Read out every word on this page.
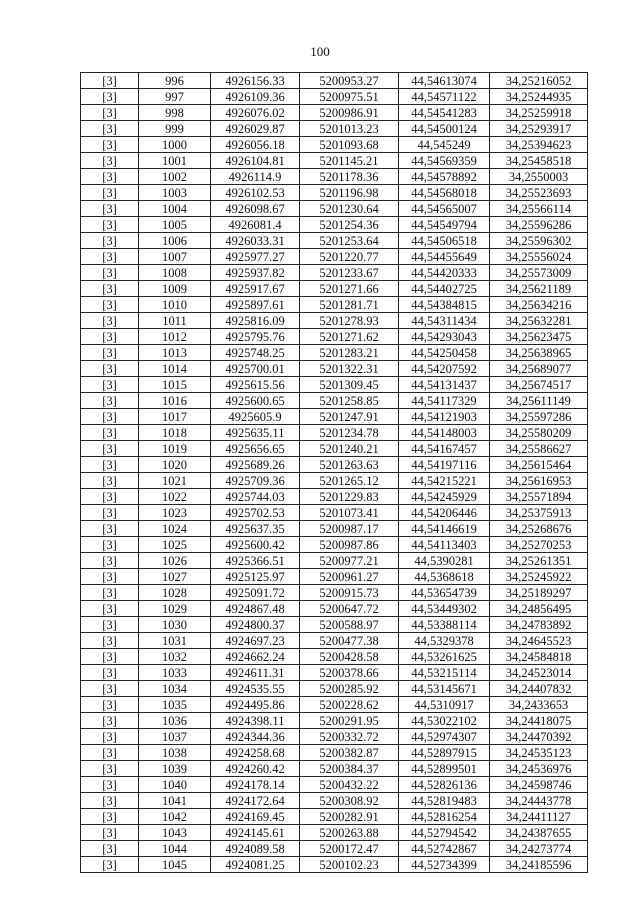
100
[3]	996	4926156.33	5200953.27	44,54613074	34,25216052
[3]	997	4926109.36	5200975.51	44,54571122	34,25244935
[3]	998	4926076.02	5200986.91	44,54541283	34,25259918
[3]	999	4926029.87	5201013.23	44,54500124	34,25293917
[3]	1000	4926056.18	5201093.68	44,545249	34,25394623
[3]	1001	4926104.81	5201145.21	44,54569359	34,25458518
[3]	1002	4926114.9	5201178.36	44,54578892	34,2550003
[3]	1003	4926102.53	5201196.98	44,54568018	34,25523693
[3]	1004	4926098.67	5201230.64	44,54565007	34,25566114
[3]	1005	4926081.4	5201254.36	44,54549794	34,25596286
[3]	1006	4926033.31	5201253.64	44,54506518	34,25596302
[3]	1007	4925977.27	5201220.77	44,54455649	34,25556024
[3]	1008	4925937.82	5201233.67	44,54420333	34,25573009
[3]	1009	4925917.67	5201271.66	44,54402725	34,25621189
[3]	1010	4925897.61	5201281.71	44,54384815	34,25634216
[3]	1011	4925816.09	5201278.93	44,54311434	34,25632281
[3]	1012	4925795.76	5201271.62	44,54293043	34,25623475
[3]	1013	4925748.25	5201283.21	44,54250458	34,25638965
[3]	1014	4925700.01	5201322.31	44,54207592	34,25689077
[3]	1015	4925615.56	5201309.45	44,54131437	34,25674517
[3]	1016	4925600.65	5201258.85	44,54117329	34,25611149
[3]	1017	4925605.9	5201247.91	44,54121903	34,25597286
[3]	1018	4925635.11	5201234.78	44,54148003	34,25580209
[3]	1019	4925656.65	5201240.21	44,54167457	34,25586627
[3]	1020	4925689.26	5201263.63	44,54197116	34,25615464
[3]	1021	4925709.36	5201265.12	44,54215221	34,25616953
[3]	1022	4925744.03	5201229.83	44,54245929	34,25571894
[3]	1023	4925702.53	5201073.41	44,54206446	34,25375913
[3]	1024	4925637.35	5200987.17	44,54146619	34,25268676
[3]	1025	4925600.42	5200987.86	44,54113403	34,25270253
[3]	1026	4925366.51	5200977.21	44,5390281	34,25261351
[3]	1027	4925125.97	5200961.27	44,5368618	34,25245922
[3]	1028	4925091.72	5200915.73	44,53654739	34,25189297
[3]	1029	4924867.48	5200647.72	44,53449302	34,24856495
[3]	1030	4924800.37	5200588.97	44,53388114	34,24783892
[3]	1031	4924697.23	5200477.38	44,5329378	34,24645523
[3]	1032	4924662.24	5200428.58	44,53261625	34,24584818
[3]	1033	4924611.31	5200378.66	44,53215114	34,24523014
[3]	1034	4924535.55	5200285.92	44,53145671	34,24407832
[3]	1035	4924495.86	5200228.62	44,5310917	34,2433653
[3]	1036	4924398.11	5200291.95	44,53022102	34,24418075
[3]	1037	4924344.36	5200332.72	44,52974307	34,24470392
[3]	1038	4924258.68	5200382.87	44,52897915	34,24535123
[3]	1039	4924260.42	5200384.37	44,52899501	34,24536976
[3]	1040	4924178.14	5200432.22	44,52826136	34,24598746
[3]	1041	4924172.64	5200308.92	44,52819483	34,24443778
[3]	1042	4924169.45	5200282.91	44,52816254	34,24411127
[3]	1043	4924145.61	5200263.88	44,52794542	34,24387655
[3]	1044	4924089.58	5200172.47	44,52742867	34,24273774
[3]	1045	4924081.25	5200102.23	44,52734399	34,24185596
